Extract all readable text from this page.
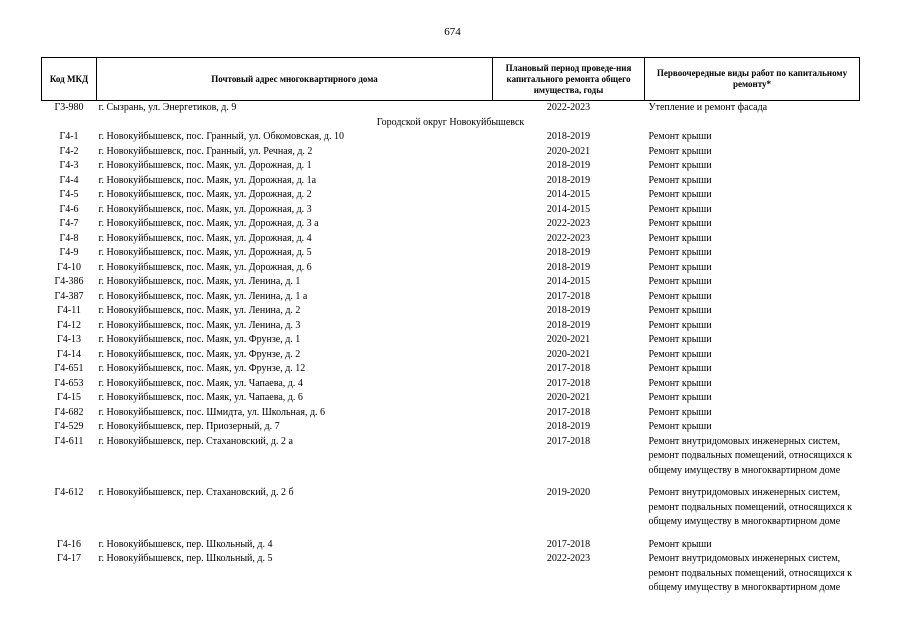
674
Код МКД	Почтовый адрес многоквартирного дома	Плановый период проведе-ния капитального ремонта общего имущества, годы	Первоочередные виды работ по капитальному ремонту*
Г3-980	г. Сызрань, ул. Энергетиков, д. 9	2022-2023	Утепление и ремонт фасада
Городской округ Новокуйбышевск			
Г4-1	г. Новокуйбышевск, пос. Гранный, ул. Обкомовская, д. 10	2018-2019	Ремонт крыши
Г4-2	г. Новокуйбышевск, пос. Гранный, ул. Речная, д. 2	2020-2021	Ремонт крыши
Г4-3	г. Новокуйбышевск, пос. Маяк, ул. Дорожная, д. 1	2018-2019	Ремонт крыши
Г4-4	г. Новокуйбышевск, пос. Маяк, ул. Дорожная, д. 1а	2018-2019	Ремонт крыши
Г4-5	г. Новокуйбышевск, пос. Маяк, ул. Дорожная, д. 2	2014-2015	Ремонт крыши
Г4-6	г. Новокуйбышевск, пос. Маяк, ул. Дорожная, д. 3	2014-2015	Ремонт крыши
Г4-7	г. Новокуйбышевск, пос. Маяк, ул. Дорожная, д. 3 а	2022-2023	Ремонт крыши
Г4-8	г. Новокуйбышевск, пос. Маяк, ул. Дорожная, д. 4	2022-2023	Ремонт крыши
Г4-9	г. Новокуйбышевск, пос. Маяк, ул. Дорожная, д. 5	2018-2019	Ремонт крыши
Г4-10	г. Новокуйбышевск, пос. Маяк, ул. Дорожная, д. 6	2018-2019	Ремонт крыши
Г4-386	г. Новокуйбышевск, пос. Маяк, ул. Ленина, д. 1	2014-2015	Ремонт крыши
Г4-387	г. Новокуйбышевск, пос. Маяк, ул. Ленина, д. 1 а	2017-2018	Ремонт крыши
Г4-11	г. Новокуйбышевск, пос. Маяк, ул. Ленина, д. 2	2018-2019	Ремонт крыши
Г4-12	г. Новокуйбышевск, пос. Маяк, ул. Ленина, д. 3	2018-2019	Ремонт крыши
Г4-13	г. Новокуйбышевск, пос. Маяк, ул. Фрунзе, д. 1	2020-2021	Ремонт крыши
Г4-14	г. Новокуйбышевск, пос. Маяк, ул. Фрунзе, д. 2	2020-2021	Ремонт крыши
Г4-651	г. Новокуйбышевск, пос. Маяк, ул. Фрунзе, д. 12	2017-2018	Ремонт крыши
Г4-653	г. Новокуйбышевск, пос. Маяк, ул. Чапаева, д. 4	2017-2018	Ремонт крыши
Г4-15	г. Новокуйбышевск, пос. Маяк, ул. Чапаева, д. 6	2020-2021	Ремонт крыши
Г4-682	г. Новокуйбышевск, пос. Шмидта, ул. Школьная, д. 6	2017-2018	Ремонт крыши
Г4-529	г. Новокуйбышевск, пер. Приозерный, д. 7	2018-2019	Ремонт крыши
Г4-611	г. Новокуйбышевск, пер. Стахановский, д. 2 а	2017-2018	Ремонт внутридомовых инженерных систем, ремонт подвальных помещений, относящихся к общему имуществу в многоквартирном доме
Г4-612	г. Новокуйбышевск, пер. Стахановский, д. 2 б	2019-2020	Ремонт внутридомовых инженерных систем, ремонт подвальных помещений, относящихся к общему имуществу в многоквартирном доме
Г4-16	г. Новокуйбышевск, пер. Школьный, д. 4	2017-2018	Ремонт крыши
Г4-17	г. Новокуйбышевск, пер. Школьный, д. 5	2022-2023	Ремонт внутридомовых инженерных систем, ремонт подвальных помещений, относящихся к общему имуществу в многоквартирном доме
